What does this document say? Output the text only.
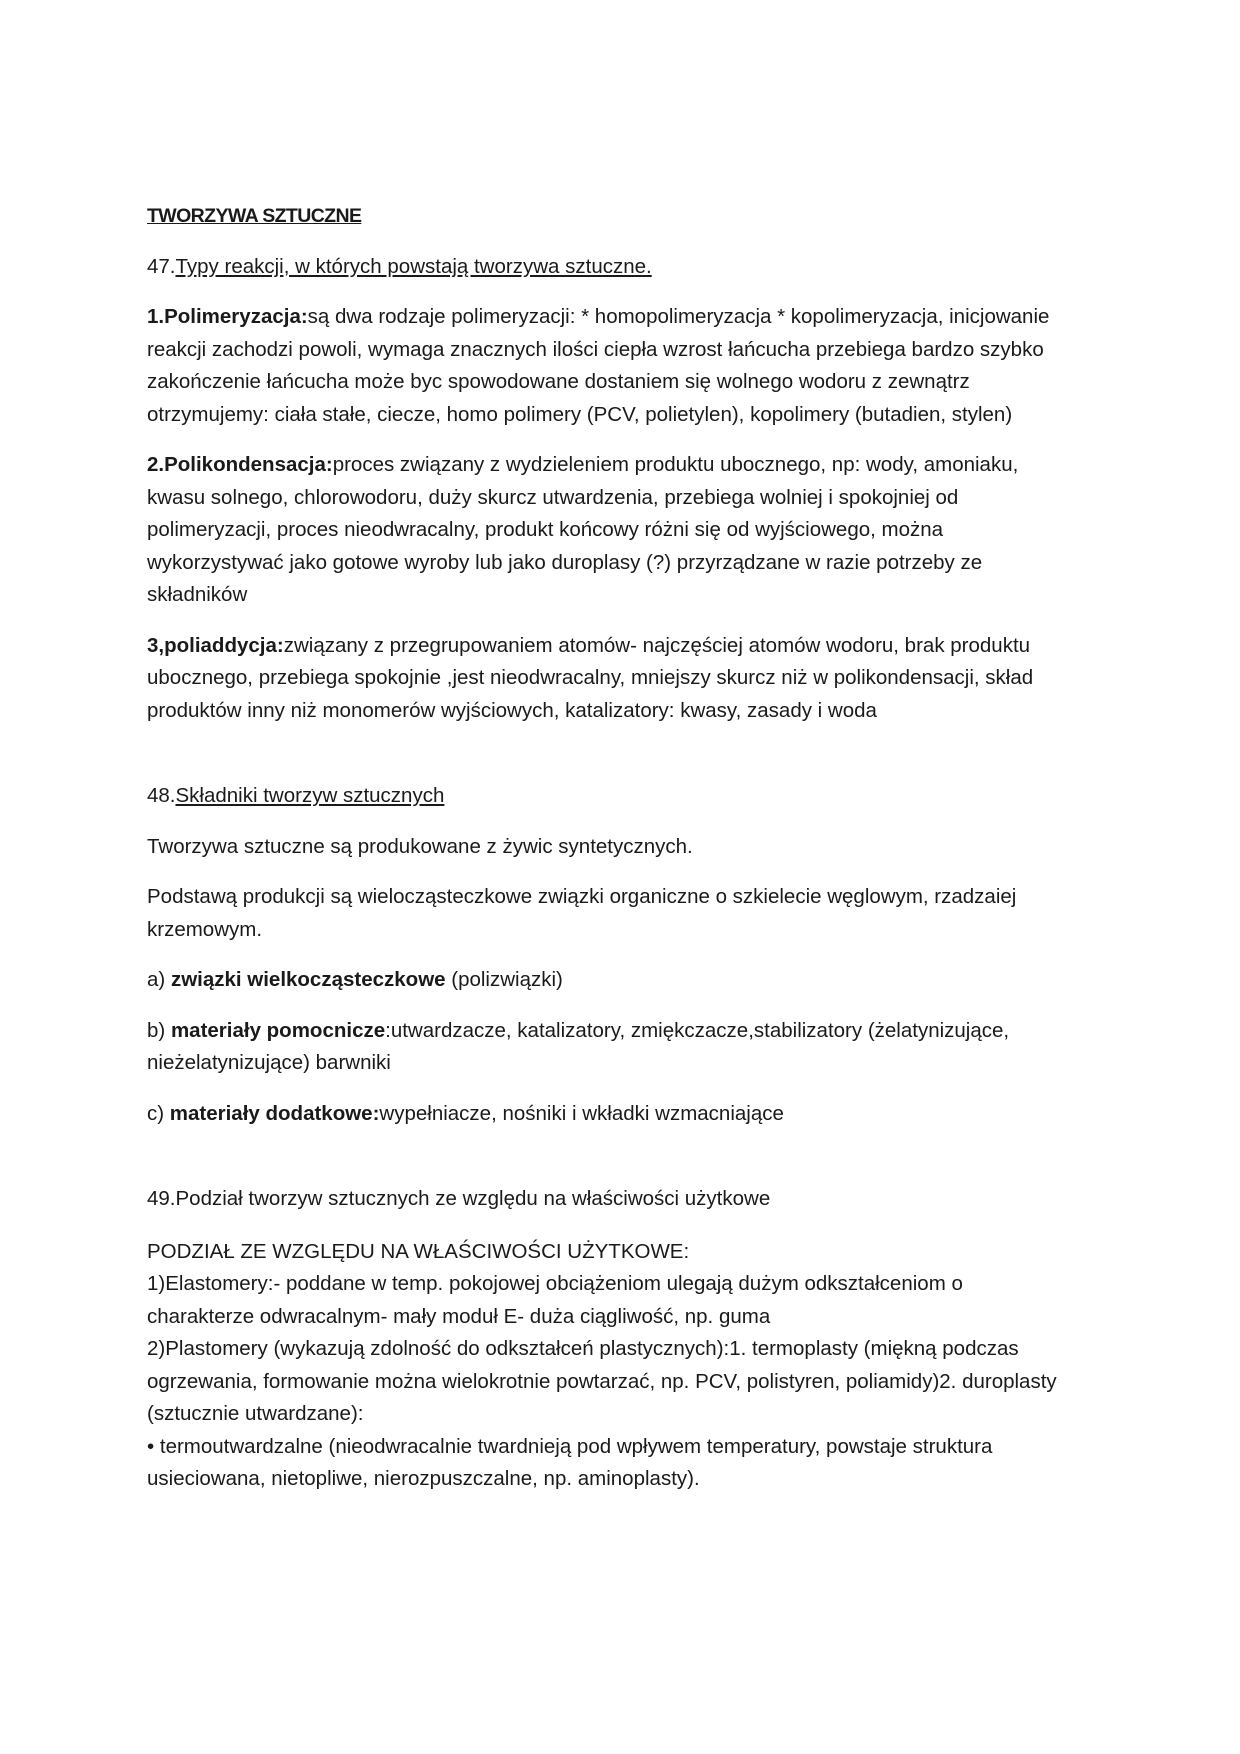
TWORZYWA SZTUCZNE

47.Typy reakcji, w których powstają tworzywa sztuczne.

1.Polimeryzacja:są dwa rodzaje polimeryzacji: * homopolimeryzacja * kopolimeryzacja, inicjowanie
reakcji zachodzi powoli, wymaga znacznych ilości ciepła wzrost łańcucha przebiega bardzo szybko
zakończenie łańcucha może byc spowodowane dostaniem się wolnego wodoru z zewnątrz
otrzymujemy: ciała stałe, ciecze, homo polimery (PCV, polietylen), kopolimery (butadien, stylen)

2.Polikondensacja:proces związany z wydzieleniem produktu ubocznego, np: wody, amoniaku,
kwasu solnego, chlorowodoru, duży skurcz utwardzenia, przebiega wolniej i spokojniej od
polimeryzacji, proces nieodwracalny, produkt końcowy różni się od wyjściowego, można
wykorzystywać jako gotowe wyroby lub jako duroplasy (?) przyrządzane w razie potrzeby ze
składników

3,poliaddycja:związany z przegrupowaniem atomów- najczęściej atomów wodoru, brak produktu
ubocznego, przebiega spokojnie ,jest nieodwracalny, mniejszy skurcz niż w polikondensacji, skład
produktów inny niż monomerów wyjściowych, katalizatory: kwasy, zasady i woda

48.Składniki tworzyw sztucznych

Tworzywa sztuczne są produkowane z żywic syntetycznych.

Podstawą produkcji są wielocząsteczkowe związki organiczne o szkielecie węglowym, rzadzaiej
krzemowym.

a) związki wielkocząsteczkowe (polizwiązki)

b) materiały pomocnicze:utwardzacze, katalizatory, zmiękczacze,stabilizatory (żelatynizujące,
nieżelatynizujące) barwniki

c) materiały dodatkowe:wypełniacze, nośniki i wkładki wzmacniające

49.Podział tworzyw sztucznych ze względu na właściwości użytkowe

PODZIAŁ ZE WZGLĘDU NA WŁAŚCIWOŚCI UŻYTKOWE:
1)Elastomery:- poddane w temp. pokojowej obciążeniom ulegają dużym odkształceniom o
charakterze odwracalnym- mały moduł E- duża ciągliwość, np. guma
2)Plastomery (wykazują zdolność do odkształceń plastycznych):1. termoplasty (miękną podczas
ogrzewania, formowanie można wielokrotnie powtarzać, np. PCV, polistyren, poliamidy)2. duroplasty
(sztucznie utwardzane):
• termoutwardzalne (nieodwracalnie twardnieją pod wpływem temperatury, powstaje struktura
usieciowana, nietopliwe, nierozpuszczalne, np. aminoplasty).
